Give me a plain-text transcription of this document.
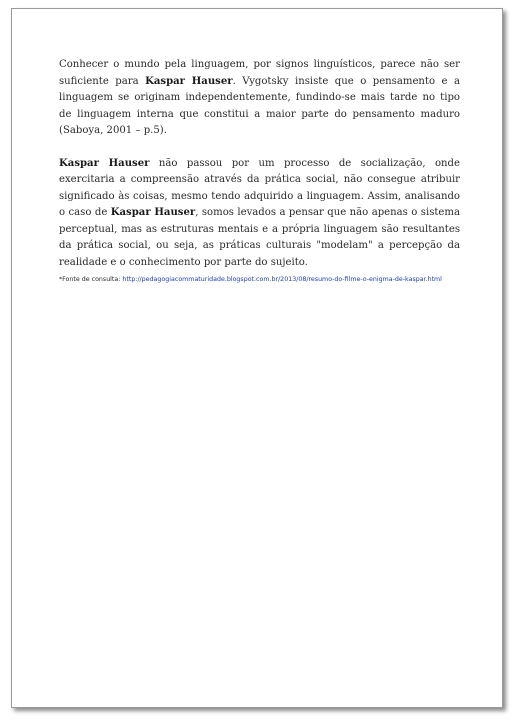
Conhecer o mundo pela linguagem, por signos linguísticos, parece não ser suficiente para Kaspar Hauser. Vygotsky insiste que o pensamento e a linguagem se originam independentemente, fundindo-se mais tarde no tipo de linguagem interna que constitui a maior parte do pensamento maduro (Saboya, 2001 – p.5).

Kaspar Hauser não passou por um processo de socialização, onde exercitaria a compreensão através da prática social, não consegue atribuir significado às coisas, mesmo tendo adquirido a linguagem. Assim, analisando o caso de Kaspar Hauser, somos levados a pensar que não apenas o sistema perceptual, mas as estruturas mentais e a própria linguagem são resultantes da prática social, ou seja, as práticas culturais "modelam" a percepção da realidade e o conhecimento por parte do sujeito.

*Fonte de consulta: http://pedagogiacommaturidade.blogspot.com.br/2013/08/resumo-do-filme-o-enigma-de-kaspar.html
